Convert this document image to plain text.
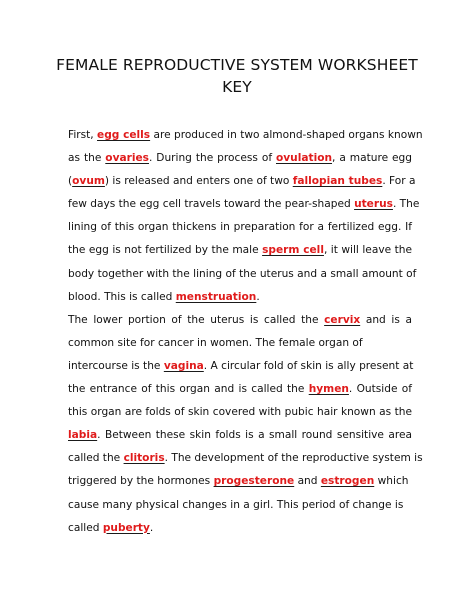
FEMALE REPRODUCTIVE SYSTEM WORKSHEET
KEY
First, egg cells are produced in two almond-shaped organs known
as the ovaries. During the process of ovulation, a mature egg
(ovum) is released and enters one of two fallopian tubes. For a
few days the egg cell travels toward the pear-shaped uterus. The
lining of this organ thickens in preparation for a fertilized egg. If
the egg is not fertilized by the male sperm cell, it will leave the
body together with the lining of the uterus and a small amount of
blood. This is called menstruation.
The lower portion of the uterus is called the cervix and is a
common site for cancer in women. The female organ of
intercourse is the vagina. A circular fold of skin is ally present at
the entrance of this organ and is called the hymen. Outside of
this organ are folds of skin covered with pubic hair known as the
labia. Between these skin folds is a small round sensitive area
called the clitoris. The development of the reproductive system is
triggered by the hormones progesterone and estrogen which
cause many physical changes in a girl. This period of change is
called puberty.
